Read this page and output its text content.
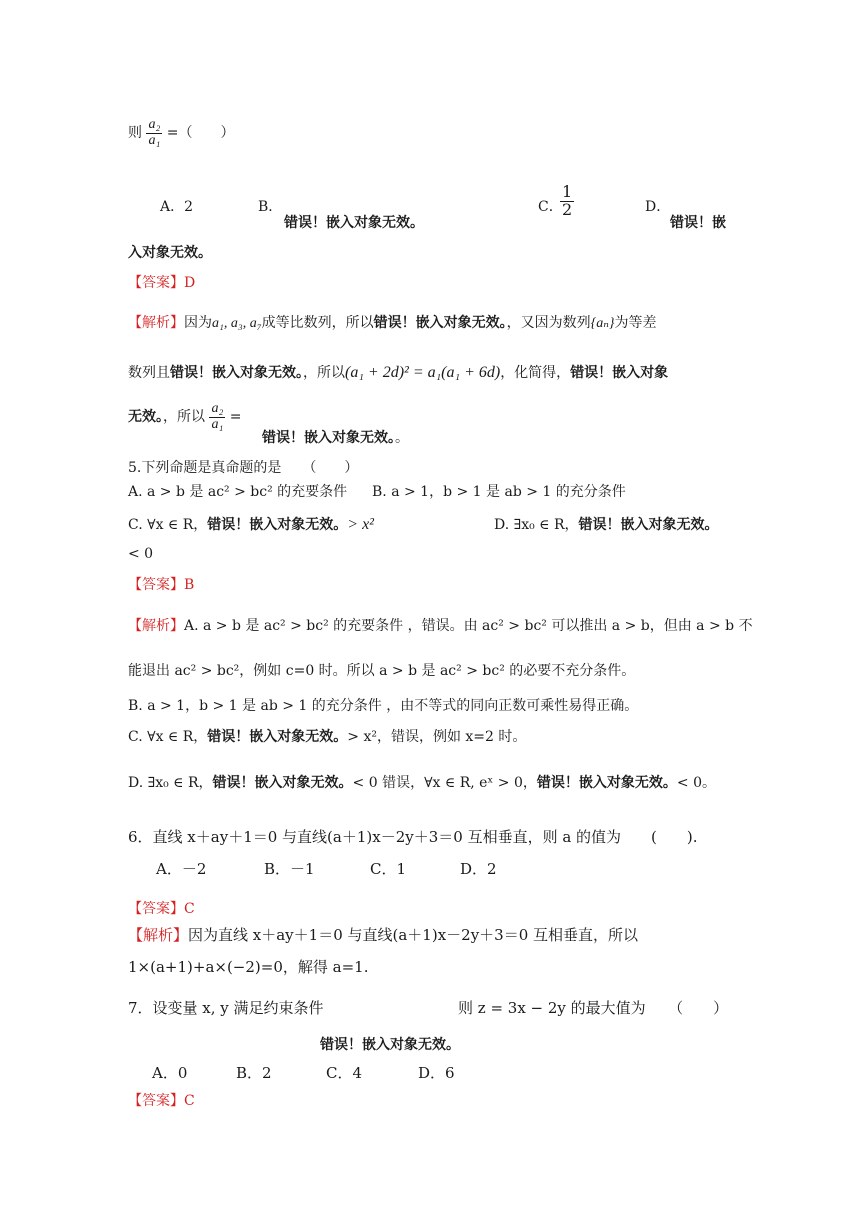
则 $\frac{\text{a₂}}{\text{a₁}}$ =（　　）
A．2	B．
错误！嵌入对象无效。
C．
$\frac{1}{2}$	D．
错误！嵌
入对象无效。
【答案】D
【解析】因为a₁, a₃, a₇成等比数列，所以错误！嵌入对象无效。，又因为数列{aₙ}为等差
数列且错误！嵌入对象无效。，所以(a₁ + 2d)² = a₁(a₁ + 6d)，化简得，错误！嵌入对象
无效。，所以 $\frac{\text{a₂}}{\text{a₁}}$ =
错误！嵌入对象无效。。
5.下列命题是真命题的是　　（　　）
A. a > b 是 ac² > bc² 的充要条件 B. a > 1，b > 1 是 ab > 1 的充分条件
C. ∀x ∈ R，错误！嵌入对象无效。> x²	D. ∃x₀ ∈ R，错误！嵌入对象无效。
< 0
【答案】B
【解析】A. a > b 是 ac² > bc² 的充要条件 ，错误。由 ac² > bc² 可以推出 a > b，但由 a > b 不
能退出 ac² > bc²，例如 c=0 时。所以 a > b 是 ac² > bc² 的必要不充分条件。
B. a > 1，b > 1 是 ab > 1 的充分条件 ，由不等式的同向正数可乘性易得正确。
C. ∀x ∈ R，错误！嵌入对象无效。> x²，错误，例如 x=2 时。
D. ∃x₀ ∈ R，错误！嵌入对象无效。< 0 错误，∀x ∈ R, eˣ > 0，错误！嵌入对象无效。< 0。
6．直线 x＋ay＋1＝0 与直线(a＋1)x－2y＋3＝0 互相垂直，则 a 的值为　　(　　).
A．－2	B．－1	C．1	D．2
【答案】C
【解析】因为直线 x＋ay＋1＝0 与直线(a＋1)x－2y＋3＝0 互相垂直，所以
1×(a+1)+a×(−2)=0，解得 a=1.
7．设变量 x, y 满足约束条件	则 z = 3x − 2y 的最大值为　　（　　）
错误！嵌入对象无效。
A．0	B．2	C．4	D．6
【答案】C
